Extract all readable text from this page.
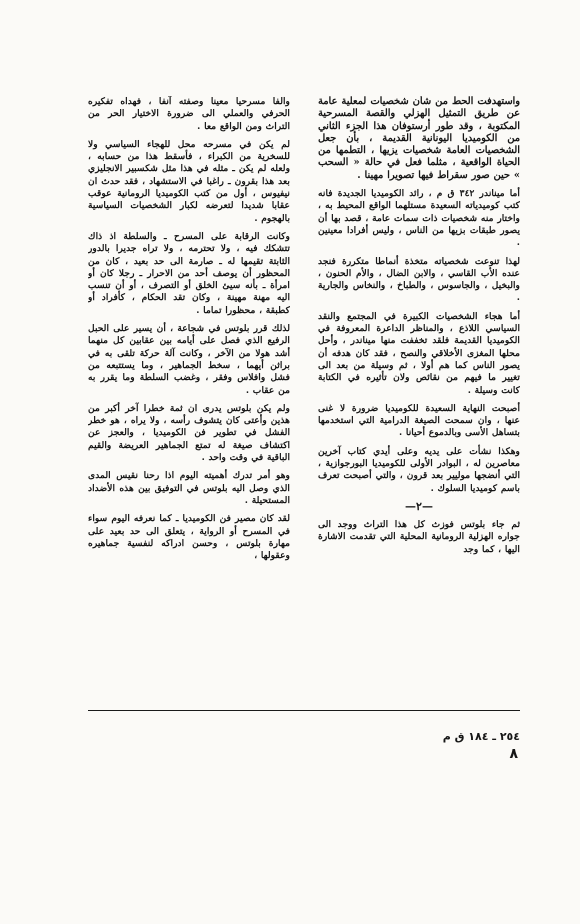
واستهدفت الحط من شأن شخصيات لمعلية عامة عن طريق التمثيل الهزلي والقصة المسرحية المكتوبة ، وقد طور أرستوفان هذا الجزء الثاني من الكوميديا اليونانية القديمة ، بأن جعل الشخصيات العامة شخصيات يزيها ، التطمها من الحياة الواقعية ، مثلما فعل في حالة « السحب » حين صور سقراط فيها تصويرا مهينا .

أما ميناندر ٣٤٢ ق م ، رائد الكوميديا الجديدة فانه كتب كوميدياته السعيدة مستلهما الواقع المحيط به ، واختار منه شخصيات ذات سمات عامة ، قصد بها أن يصور طبقات بزيها من الناس ، وليس أفرادا معينين .

لهذا تنوعت شخصياته متخذة أنماطا متكررة فنجد عنده الأب القاسي ، والابن الضال ، والأم الحنون ، والبخيل ، والجاسوس ، والطباخ ، والنخاس والجارية .

أما هجاء الشخصيات الكبيرة في المجتمع والنقد السياسي اللاذع ، والمناظر الداعرة المعروفة في الكوميديا القديمة فلقد تخففت منها ميناندر ، وأحل محلها المغزى الأخلاقي والنصح ، فقد كان هدفه أن يصور الناس كما هم أولا ، ثم وسيلة من بعد الى تغيير ما فيهم من نقائص ولان تأثيره في الكتابة كانت وسيلة .

أصبحت النهاية السعيدة للكوميديا ضرورة لا غنى عنها ، وان سمحت الصيغة الدرامية التي استخدمها بتساهل الأسى وبالدموع أحيانا .

وهكذا نشأت على يديه وعلى أيدي كتاب آخرين معاصرين له ، البوادر الأولى للكوميديا البورجوازية ، التي أنضجها موليير بعد قرون ، والتي أصبحت تعرف باسم كوميديا السلوك .

—٢—

ثم جاء بلوتس فوزث كل هذا التراث ووجد الى جواره الهزلية الرومانية المحلية التي تقدمت الاشارة اليها ، كما وجد

والفا مسرحيا معينا وصفته آنفا ، فهداه تفكيره الحرفي والعملي الى ضرورة الاختيار الحر من التراث ومن الواقع معا .

لم يكن في مسرحه محل للهجاء السياسي ولا للسخرية من الكبراء ، فأسقط هذا من حسابه ، ولعله لم يكن ـ مثله في هذا مثل شكسبير الانجليزي بعد هذا بقرون ـ راغبا في الاستشهاد ، فقد حدث ان نيفيوس ، أول من كتب الكوميديا الرومانية عوقب عقابا شديدا لتعرضه لكبار الشخصيات السياسية بالهجوم .

وكانت الرقابة على المسرح ـ والسلطة اذ ذاك تتشكك فيه ، ولا تحترمه ، ولا تراه جديرا بالدور الثابتة تقيمها له ـ صارمة الى حد بعيد ، كان من المحظور أن يوصف أحد من الاحرار ـ رجلا كان أو امرأة ـ بأنه سيئ الخلق أو التصرف ، أو أن تنسب اليه مهنة مهينة ، وكان تقد الحكام ، كأفراد أو كطبقة ، محظورا تماما .

لذلك قرر بلوتس في شجاعة ، أن يسير على الحبل الرفيع الذي فصل على أيامه بين عقابين كل منهما أشد هولا من الآخر ، وكانت آلة حركة تلقى به في براثن أيهما ، سخط الجماهير ، وما يستتبعه من فشل وافلاس وفقر ، وغضب السلطة وما يقرر به من عقاب .

ولم يكن بلوتس يدرى ان ثمة خطرا آخر أكبر من هذين وأعتى كان يتشوف رأسه ، ولا يراه ، هو خطر الفشل في تطوير فن الكوميديا ، والعجز عن اكتشاف صيغة له تمتع الجماهير العريضة والقيم الباقية في وقت واحد .

وهو أمر تدرك أهميته اليوم اذا رحنا نقيس المدى الذي وصل اليه بلوتس في التوفيق بين هذه الأضداد المستحيلة .

لقد كان مصير فن الكوميديا ـ كما نعرفه اليوم سواء في المسرح أو الرواية ، يتعلق الى حد بعيد على مهارة بلوتس ، وحسن ادراكه لنفسية جماهيره وعقولها ،

٢٥٤ ـ ١٨٤ ق م
٨
